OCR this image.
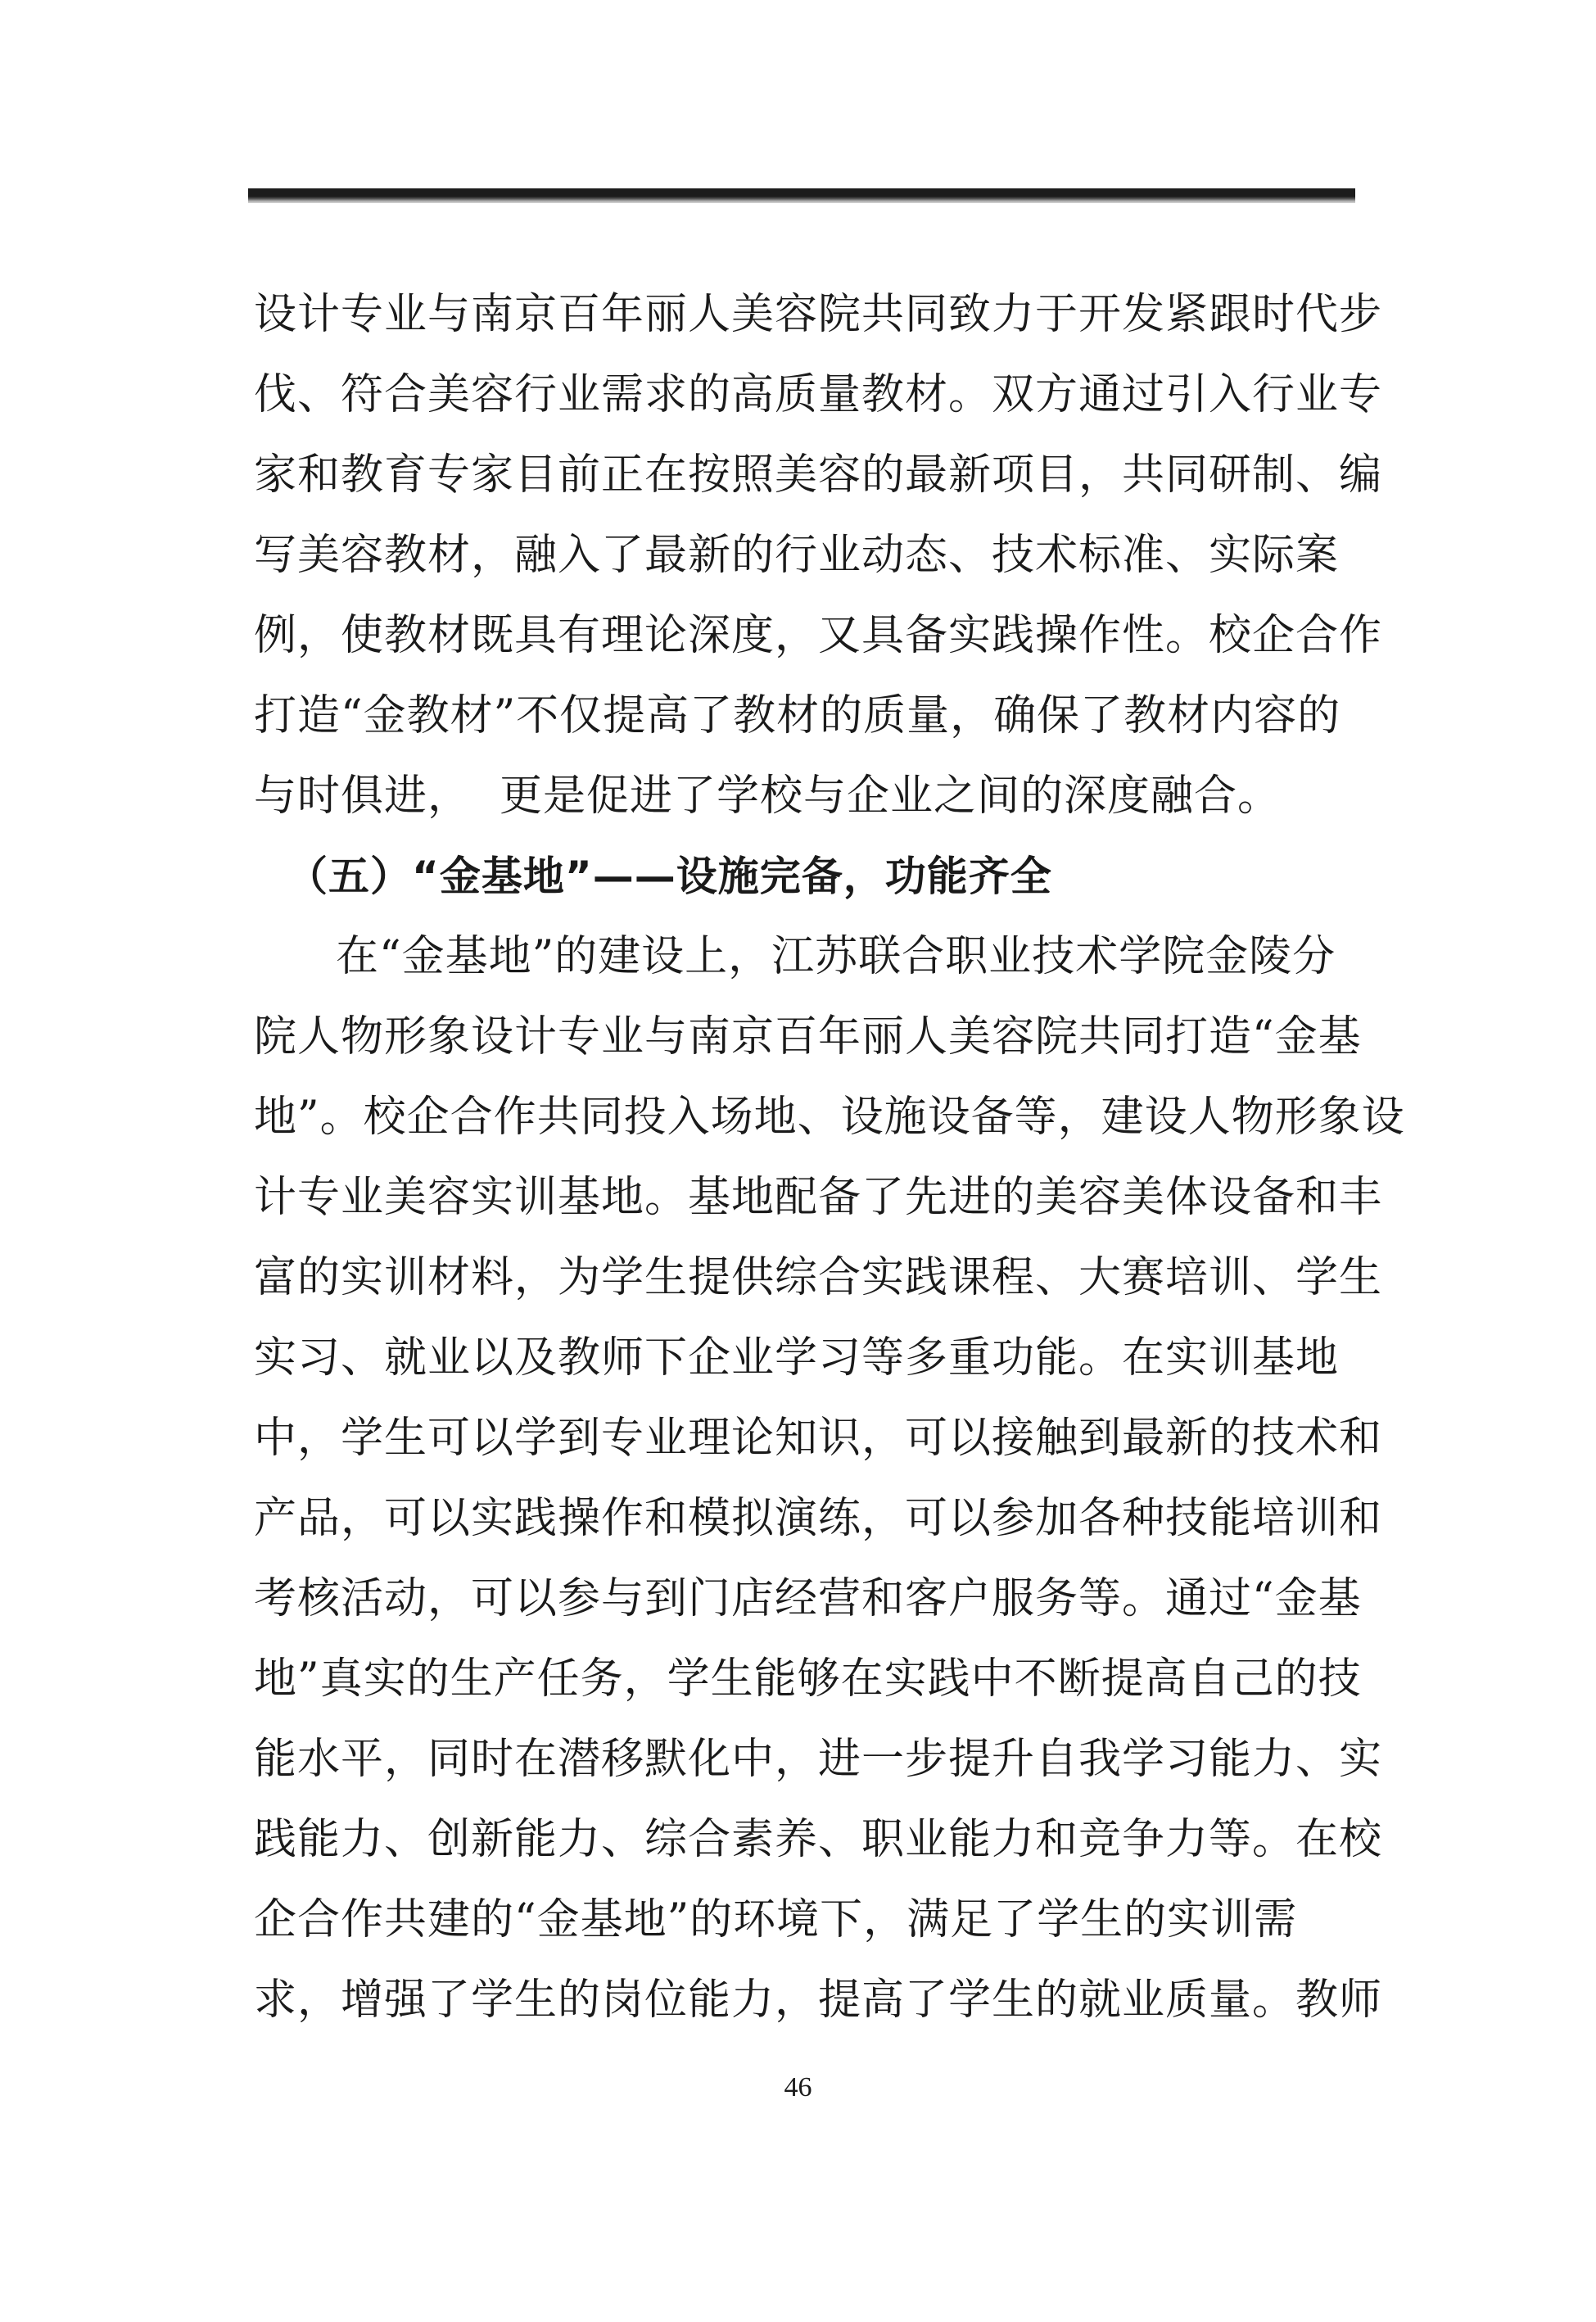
设计专业与南京百年丽人美容院共同致力于开发紧跟时代步
伐、符合美容行业需求的高质量教材。双方通过引入行业专
家和教育专家目前正在按照美容的最新项目，共同研制、编
写美容教材，融入了最新的行业动态、技术标准、实际案
例，使教材既具有理论深度，又具备实践操作性。校企合作
打造“金教材”不仅提高了教材的质量，确保了教材内容的
与时俱进，  更是促进了学校与企业之间的深度融合。
（五）“金基地”——设施完备，功能齐全
在“金基地”的建设上，江苏联合职业技术学院金陵分
院人物形象设计专业与南京百年丽人美容院共同打造“金基
地”。校企合作共同投入场地、设施设备等，建设人物形象设
计专业美容实训基地。基地配备了先进的美容美体设备和丰
富的实训材料，为学生提供综合实践课程、大赛培训、学生
实习、就业以及教师下企业学习等多重功能。在实训基地
中，学生可以学到专业理论知识，可以接触到最新的技术和
产品，可以实践操作和模拟演练，可以参加各种技能培训和
考核活动，可以参与到门店经营和客户服务等。通过“金基
地”真实的生产任务，学生能够在实践中不断提高自己的技
能水平，同时在潜移默化中，进一步提升自我学习能力、实
践能力、创新能力、综合素养、职业能力和竞争力等。在校
企合作共建的“金基地”的环境下，满足了学生的实训需
求，增强了学生的岗位能力，提高了学生的就业质量。教师
46
